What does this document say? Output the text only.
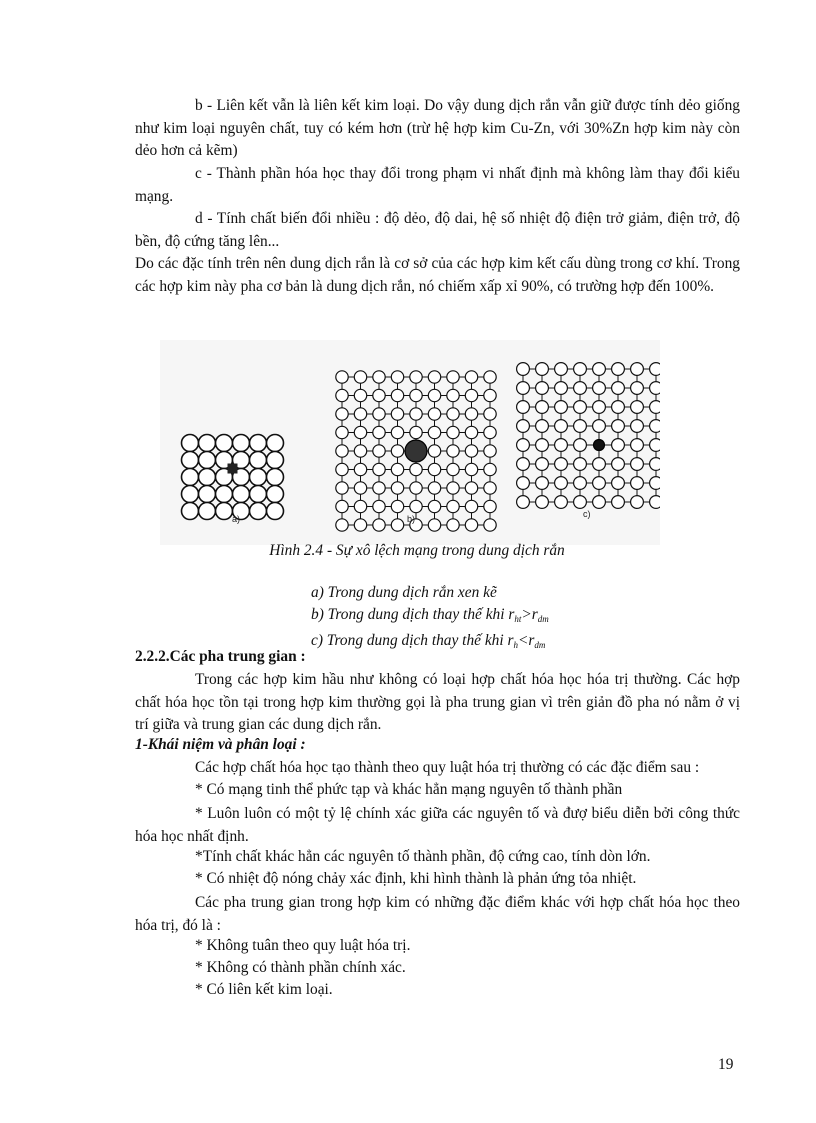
b - Liên kết vẫn là liên kết kim loại. Do vậy dung dịch rắn vẫn giữ được tính dẻo giống như kim loại nguyên chất, tuy có kém hơn (trừ hệ hợp kim Cu-Zn, với 30%Zn hợp kim này còn dẻo hơn cả kẽm)

c - Thành phần hóa học thay đổi trong phạm vi nhất định mà không làm thay đổi kiểu mạng.

d - Tính chất biến đổi nhiều : độ dẻo, độ dai, hệ số nhiệt độ điện trở giảm, điện trở, độ bền, độ cứng tăng lên...

Do các đặc tính trên nên dung dịch rắn là cơ sở của các hợp kim kết cấu dùng trong cơ khí. Trong các hợp kim này pha cơ bản là dung dịch rắn, nó chiếm xấp xỉ 90%, có trường hợp đến 100%.

a)	b)	c)
Hình 2.4 - Sự xô lệch mạng trong dung dịch rắn
a) Trong dung dịch rắn xen kẽ
b) Trong dung dịch thay thế khi $r_{ht}>r_{dm}$
c) Trong dung dịch thay thế khi $r_h<r_{dm}$
2.2.2.Các pha trung gian :

Trong các hợp kim hầu như không có loại hợp chất hóa học hóa trị thường. Các hợp chất hóa học tồn tại trong hợp kim thường gọi là pha trung gian vì trên giản đồ pha nó nằm ở vị trí giữa và trung gian các dung dịch rắn.

1-Khái niệm và phân loại :
Các hợp chất hóa học tạo thành theo quy luật hóa trị thường có các đặc điểm sau :
* Có mạng tinh thể phức tạp và khác hẳn mạng nguyên tố thành phần

* Luôn luôn có một tỷ lệ chính xác giữa các nguyên tố và đượ biểu diễn bởi công thức hóa học nhất định.

*Tính chất khác hẳn các nguyên tố thành phần, độ cứng cao, tính dòn lớn.
* Có nhiệt độ nóng chảy xác định, khi hình thành là phản ứng tỏa nhiệt.

Các pha trung gian trong hợp kim có những đặc điểm khác với hợp chất hóa học theo hóa trị, đó là :

* Không tuân theo quy luật hóa trị.
* Không có thành phần chính xác.
* Có liên kết kim loại.
19
